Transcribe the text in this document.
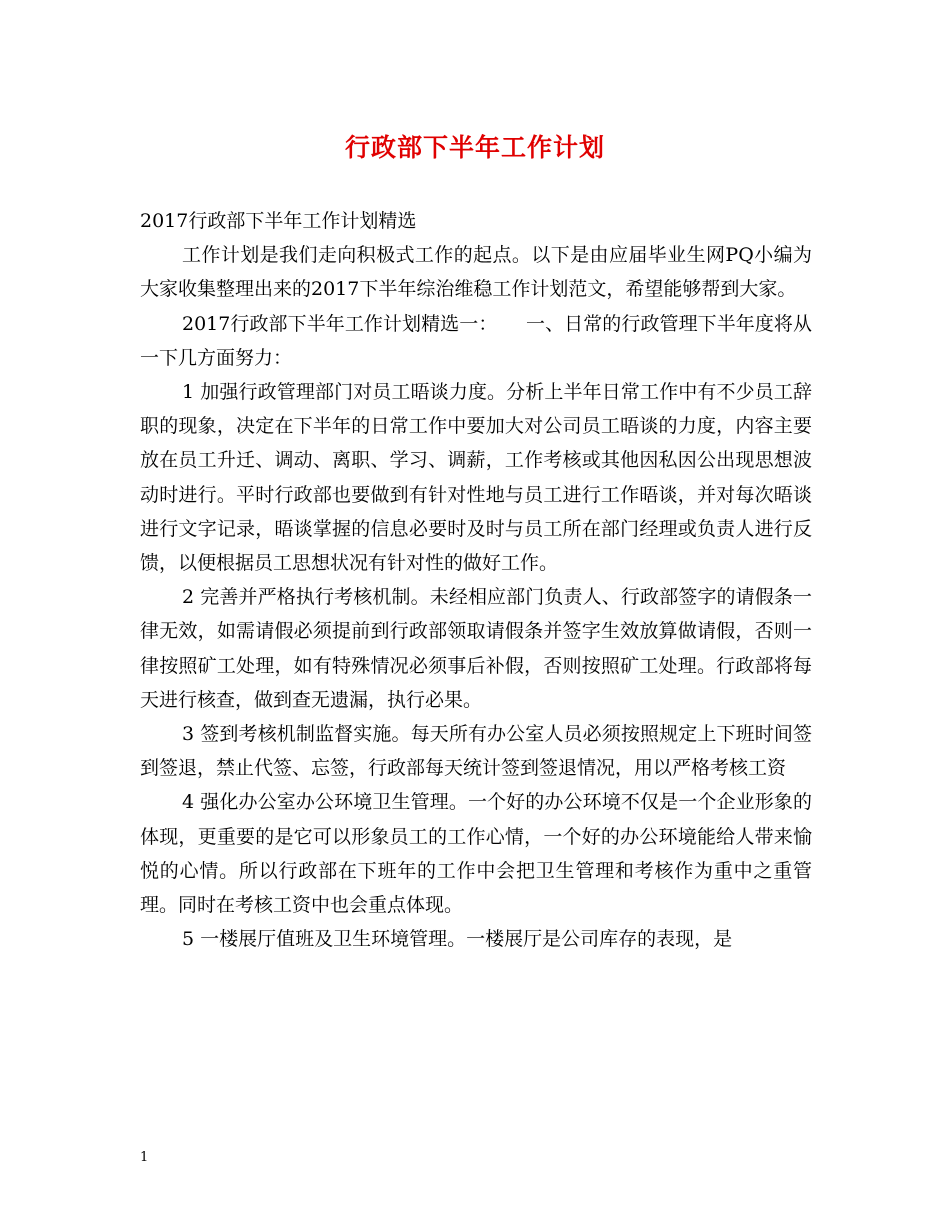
行政部下半年工作计划

2017行政部下半年工作计划精选

工作计划是我们走向积极式工作的起点。以下是由应届毕业生网PQ小编为大家收集整理出来的2017下半年综治维稳工作计划范文，希望能够帮到大家。

2017行政部下半年工作计划精选一：　　一、日常的行政管理下半年度将从一下几方面努力：

1 加强行政管理部门对员工晤谈力度。分析上半年日常工作中有不少员工辞职的现象，决定在下半年的日常工作中要加大对公司员工晤谈的力度，内容主要放在员工升迁、调动、离职、学习、调薪，工作考核或其他因私因公出现思想波动时进行。平时行政部也要做到有针对性地与员工进行工作晤谈，并对每次晤谈进行文字记录，晤谈掌握的信息必要时及时与员工所在部门经理或负责人进行反馈，以便根据员工思想状况有针对性的做好工作。

2 完善并严格执行考核机制。未经相应部门负责人、行政部签字的请假条一律无效，如需请假必须提前到行政部领取请假条并签字生效放算做请假，否则一律按照矿工处理，如有特殊情况必须事后补假，否则按照矿工处理。行政部将每天进行核查，做到查无遗漏，执行必果。

3 签到考核机制监督实施。每天所有办公室人员必须按照规定上下班时间签到签退，禁止代签、忘签，行政部每天统计签到签退情况，用以严格考核工资

4 强化办公室办公环境卫生管理。一个好的办公环境不仅是一个企业形象的体现，更重要的是它可以形象员工的工作心情，一个好的办公环境能给人带来愉悦的心情。所以行政部在下班年的工作中会把卫生管理和考核作为重中之重管理。同时在考核工资中也会重点体现。

5 一楼展厅值班及卫生环境管理。一楼展厅是公司库存的表现，是

1
